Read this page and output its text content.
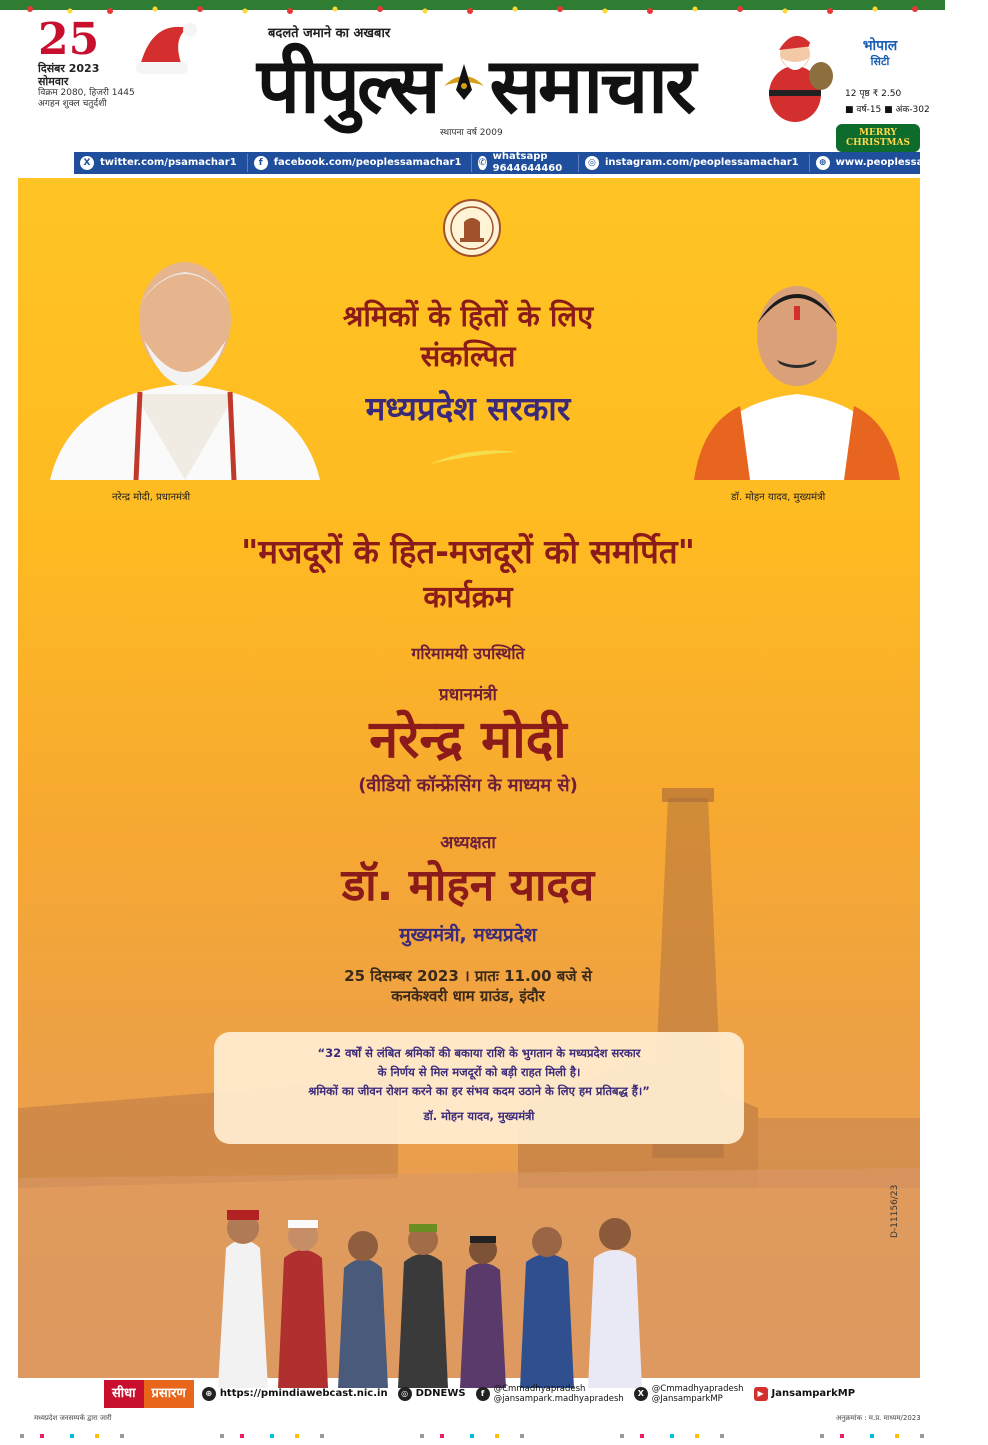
25
दिसंबर 2023
सोमवार
विक्रम 2080, हिजरी 1445
अगहन शुक्ल चतुर्दशी
बदलते जमाने का अखबार
पीपुल्स समाचार
स्थापना वर्ष 2009
भोपाल
सिटी
12 पृष्ठ ₹ 2.50
■ वर्ष-15 ■ अंक-302
MERRY
CHRISTMAS
X twitter.com/psamachar1	f	facebook.com/peoplessamachar1 ✆
whatsapp 9644644460	◎ instagram.com/peoplessamachar1	⊕ www.peoplessamachar.in
श्रमिकों के हितों के लिए
संकल्पित
मध्यप्रदेश सरकार
नरेन्द्र मोदी, प्रधानमंत्री	डॉ. मोहन यादव, मुख्यमंत्री
"मजदूरों के हित-मजदूरों को समर्पित"
कार्यक्रम
गरिमामयी उपस्थिति
प्रधानमंत्री
नरेन्द्र मोदी
(वीडियो कॉन्फ्रेंसिंग के माध्यम से)
अध्यक्षता
डॉ. मोहन यादव
मुख्यमंत्री, मध्यप्रदेश
25 दिसम्बर 2023 । प्रातः 11.00 बजे से
कनकेश्वरी धाम ग्राउंड, इंदौर
“32 वर्षों से लंबित श्रमिकों की बकाया राशि के भुगतान के मध्यप्रदेश सरकार
के निर्णय से मिल मजदूरों को बड़ी राहत मिली है।
श्रमिकों का जीवन रोशन करने का हर संभव कदम उठाने के लिए हम प्रतिबद्ध हैं।”
डॉ. मोहन यादव, मुख्यमंत्री
D-11156/23
सीधा	प्रसारण	⊕ https://pmindiawebcast.nic.in	◎ DDNEWS	f	@Cmmadhyapradesh
@jansampark.madhyapradesh
X @Cmmadhyapradesh
@JansamparkMP
▶ JansamparkMP
मध्यप्रदेश जनसम्पर्क द्वारा जारी	अनुक्रमांक : म.प्र. माध्यम/2023
